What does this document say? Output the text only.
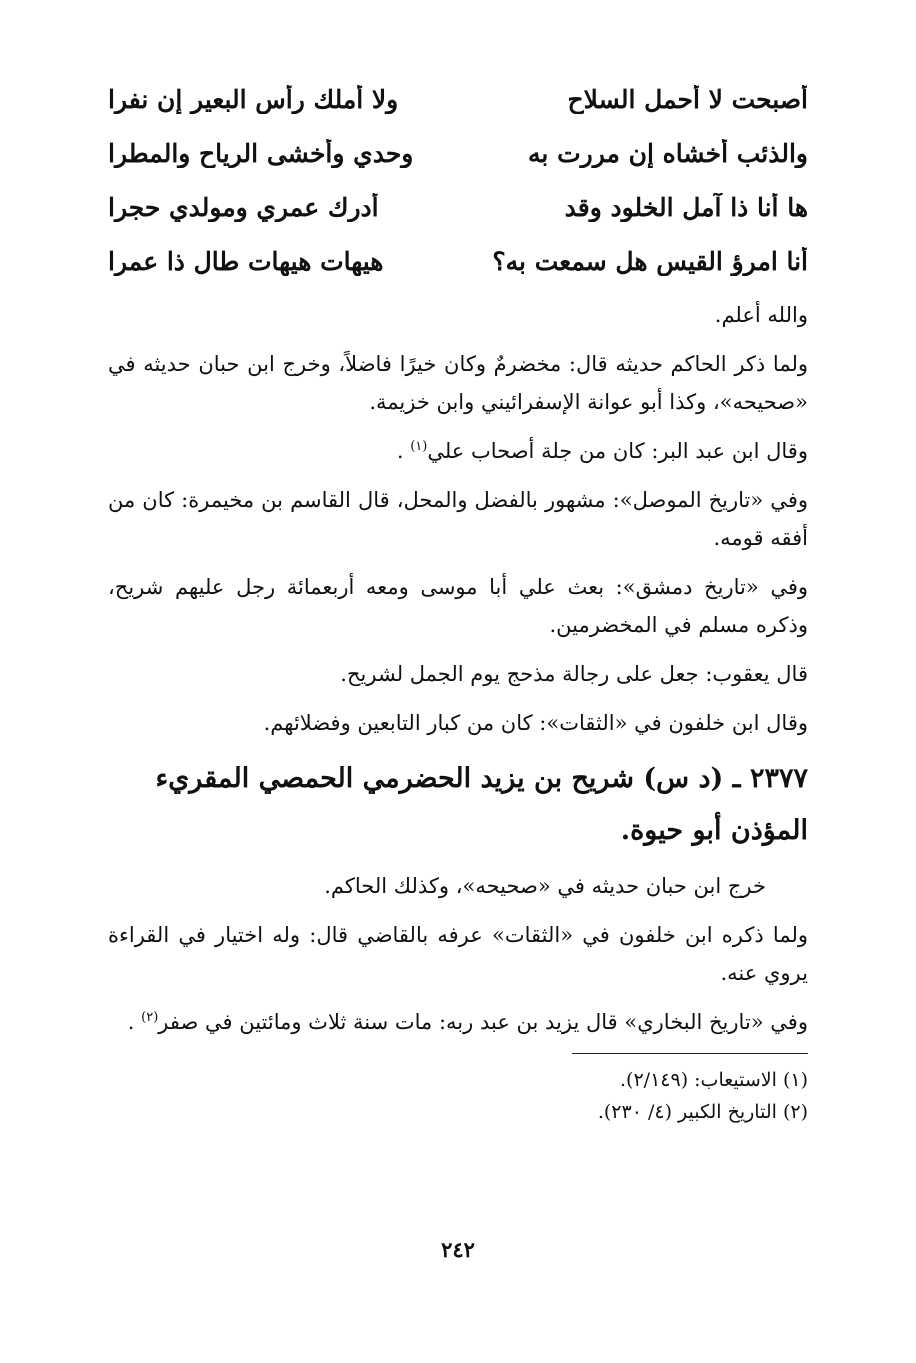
أصبحت لا أحمل السلاح
ولا أملك رأس البعير إن نفرا
والذئب أخشاه إن مررت به
وحدي وأخشى الرياح والمطرا
ها أنا ذا آمل الخلود وقد
أدرك عمري ومولدي حجرا
أنا امرؤ القيس هل سمعت به؟
هيهات هيهات طال ذا عمرا

والله أعلم.

ولما ذكر الحاكم حديثه قال: مخضرمٌ وكان خيرًا فاضلاً، وخرج ابن حبان حديثه في «صحيحه»، وكذا أبو عوانة الإسفرائيني وابن خزيمة.

وقال ابن عبد البر: كان من جلة أصحاب علي$^{(١)}$ .

وفي «تاريخ الموصل»: مشهور بالفضل والمحل، قال القاسم بن مخيمرة: كان من أفقه قومه.

وفي «تاريخ دمشق»: بعث علي أبا موسى ومعه أربعمائة رجل عليهم شريح، وذكره مسلم في المخضرمين.

قال يعقوب: جعل على رجالة مذحج يوم الجمل لشريح.

وقال ابن خلفون في «الثقات»: كان من كبار التابعين وفضلائهم.

٢٣٧٧ ـ (د س) شريح بن يزيد الحضرمي الحمصي المقريء المؤذن أبو حيوة.

خرج ابن حبان حديثه في «صحيحه»، وكذلك الحاكم.

ولما ذكره ابن خلفون في «الثقات» عرفه بالقاضي قال: وله اختيار في القراءة يروي عنه.

وفي «تاريخ البخاري» قال يزيد بن عبد ربه: مات سنة ثلاث ومائتين في صفر$^{(٢)}$ .

(١) الاستيعاب: (٢/١٤٩).

(٢) التاريخ الكبير (٤/ ٢٣٠).

٢٤٢
